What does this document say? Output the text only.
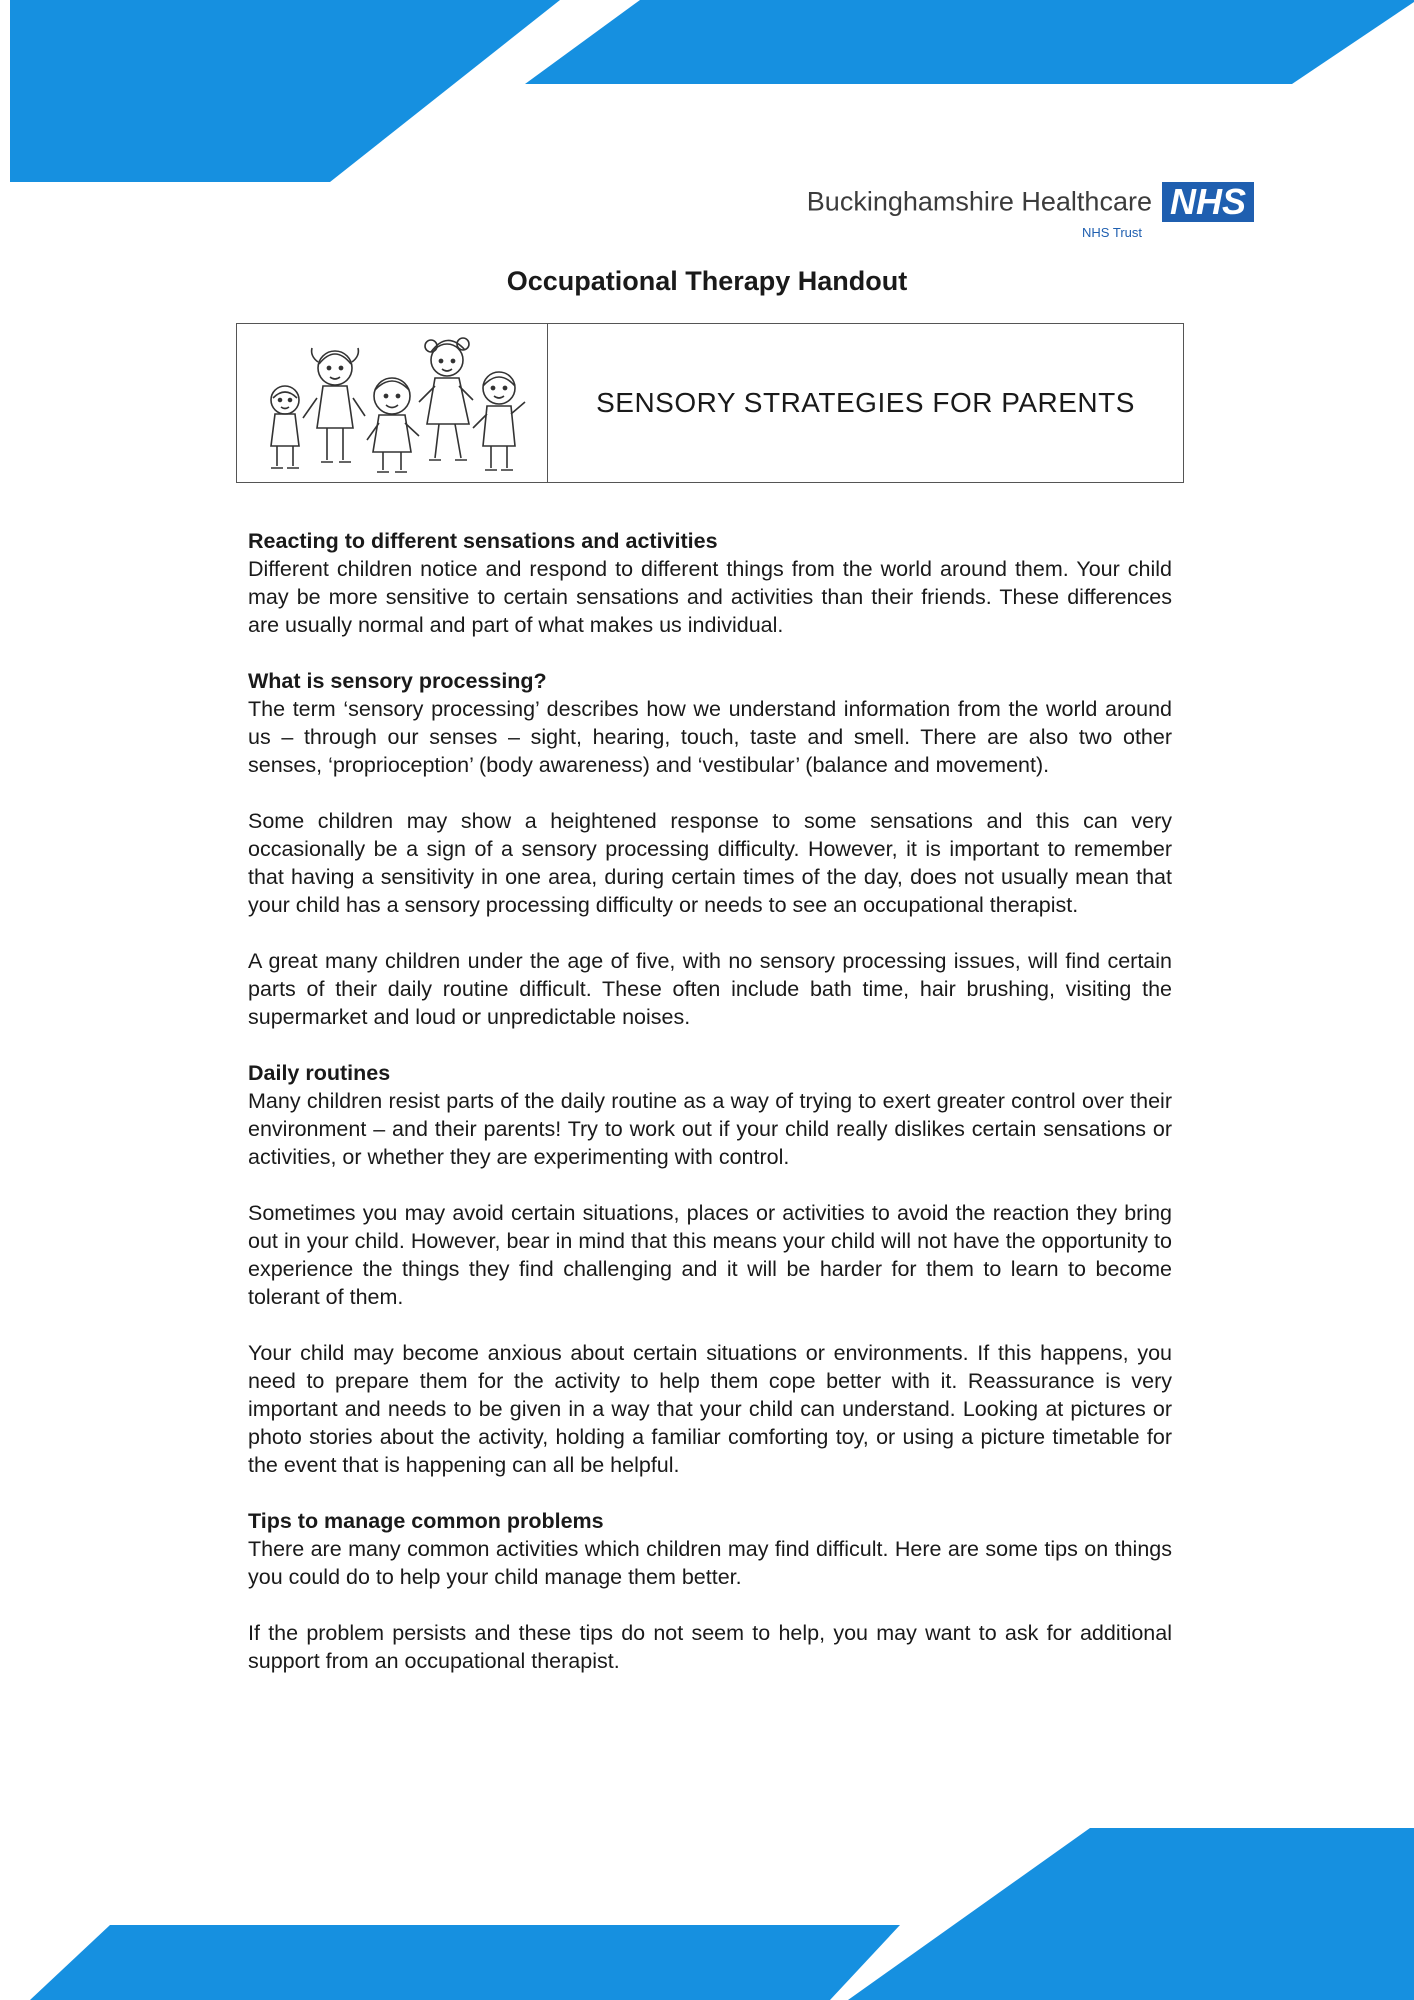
Buckinghamshire Healthcare NHS
NHS Trust
Occupational Therapy Handout
SENSORY STRATEGIES FOR PARENTS
Reacting to different sensations and activities

Different children notice and respond to different things from the world around them. Your child may be more sensitive to certain sensations and activities than their friends. These differences are usually normal and part of what makes us individual.

What is sensory processing?

The term ‘sensory processing’ describes how we understand information from the world around us – through our senses – sight, hearing, touch, taste and smell. There are also two other senses, ‘proprioception’ (body awareness) and ‘vestibular’ (balance and movement).

Some children may show a heightened response to some sensations and this can very occasionally be a sign of a sensory processing difficulty. However, it is important to remember that having a sensitivity in one area, during certain times of the day, does not usually mean that your child has a sensory processing difficulty or needs to see an occupational therapist.

A great many children under the age of five, with no sensory processing issues, will find certain parts of their daily routine difficult. These often include bath time, hair brushing, visiting the supermarket and loud or unpredictable noises.

Daily routines

Many children resist parts of the daily routine as a way of trying to exert greater control over their environment – and their parents! Try to work out if your child really dislikes certain sensations or activities, or whether they are experimenting with control.

Sometimes you may avoid certain situations, places or activities to avoid the reaction they bring out in your child. However, bear in mind that this means your child will not have the opportunity to experience the things they find challenging and it will be harder for them to learn to become tolerant of them.

Your child may become anxious about certain situations or environments. If this happens, you need to prepare them for the activity to help them cope better with it. Reassurance is very important and needs to be given in a way that your child can understand. Looking at pictures or photo stories about the activity, holding a familiar comforting toy, or using a picture timetable for the event that is happening can all be helpful.

Tips to manage common problems

There are many common activities which children may find difficult. Here are some tips on things you could do to help your child manage them better.

If the problem persists and these tips do not seem to help, you may want to ask for additional support from an occupational therapist.
